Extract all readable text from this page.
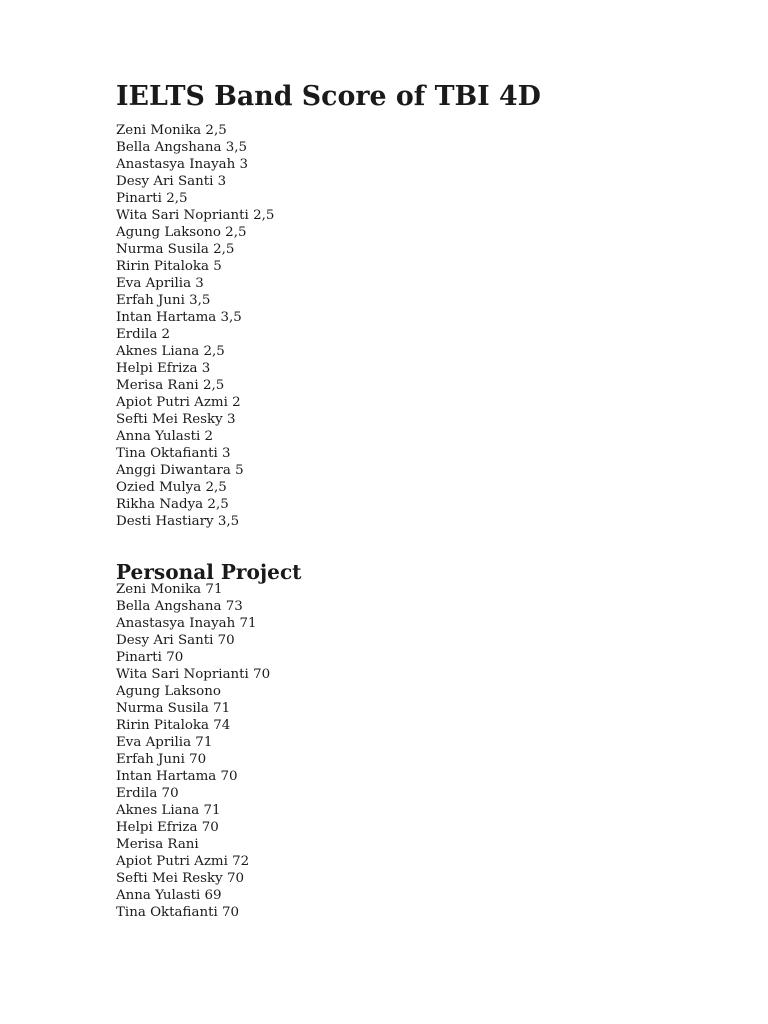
IELTS Band Score of TBI 4D
Zeni Monika 2,5
Bella Angshana 3,5
Anastasya Inayah 3
Desy Ari Santi 3
Pinarti 2,5
Wita Sari Noprianti 2,5
Agung Laksono 2,5
Nurma Susila 2,5
Ririn Pitaloka 5
Eva Aprilia 3
Erfah Juni 3,5
Intan Hartama 3,5
Erdila 2
Aknes Liana 2,5
Helpi Efriza 3
Merisa Rani 2,5
Apiot Putri Azmi 2
Sefti Mei Resky 3
Anna Yulasti 2
Tina Oktafianti 3
Anggi Diwantara 5
Ozied Mulya 2,5
Rikha Nadya 2,5
Desti Hastiary 3,5
Personal Project
Zeni Monika 71
Bella Angshana 73
Anastasya Inayah 71
Desy Ari Santi 70
Pinarti 70
Wita Sari Noprianti 70
Agung Laksono
Nurma Susila 71
Ririn Pitaloka 74
Eva Aprilia 71
Erfah Juni 70
Intan Hartama 70
Erdila 70
Aknes Liana 71
Helpi Efriza 70
Merisa Rani
Apiot Putri Azmi 72
Sefti Mei Resky 70
Anna Yulasti 69
Tina Oktafianti 70
